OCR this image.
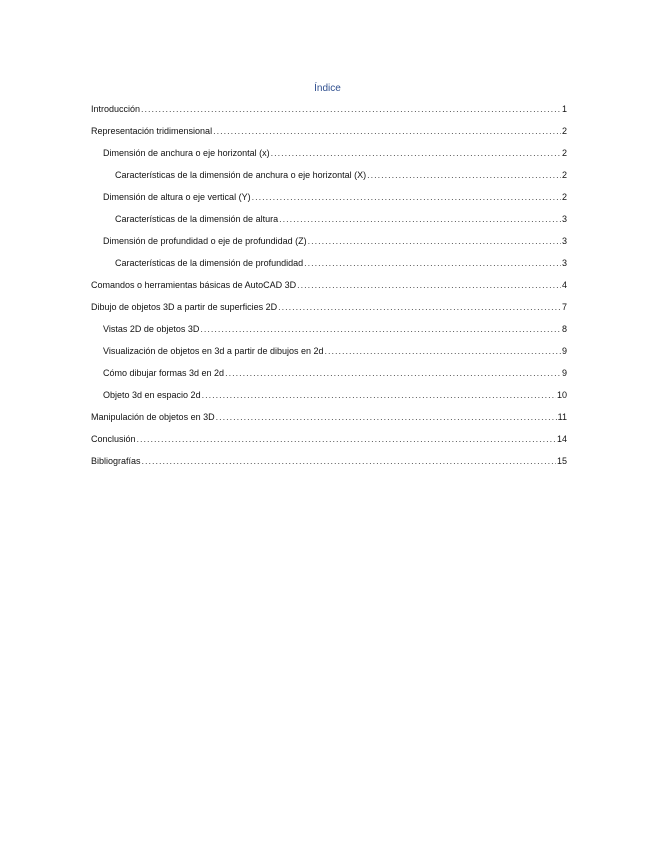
Índice
Introducción .....	1
Representación tridimensional .....	2
Dimensión de anchura o eje horizontal (x) .....	2
Características de la dimensión de anchura o eje horizontal (X) .....	2
Dimensión de altura o eje vertical (Y) .....	2
Características de la dimensión de altura .....	3
Dimensión de profundidad o eje de profundidad (Z) .....	3
Características de la dimensión de profundidad .....	3
Comandos o herramientas básicas de AutoCAD 3D .....	4
Dibujo de objetos 3D a partir de superficies 2D .....	7
Vistas 2D de objetos 3D .....	8
Visualización de objetos en 3d a partir de dibujos en 2d .....	9
Cómo dibujar formas 3d en 2d .....	9
Objeto 3d en espacio 2d .....	10
Manipulación de objetos en 3D .....	11
Conclusión .....	14
Bibliografías .....	15
